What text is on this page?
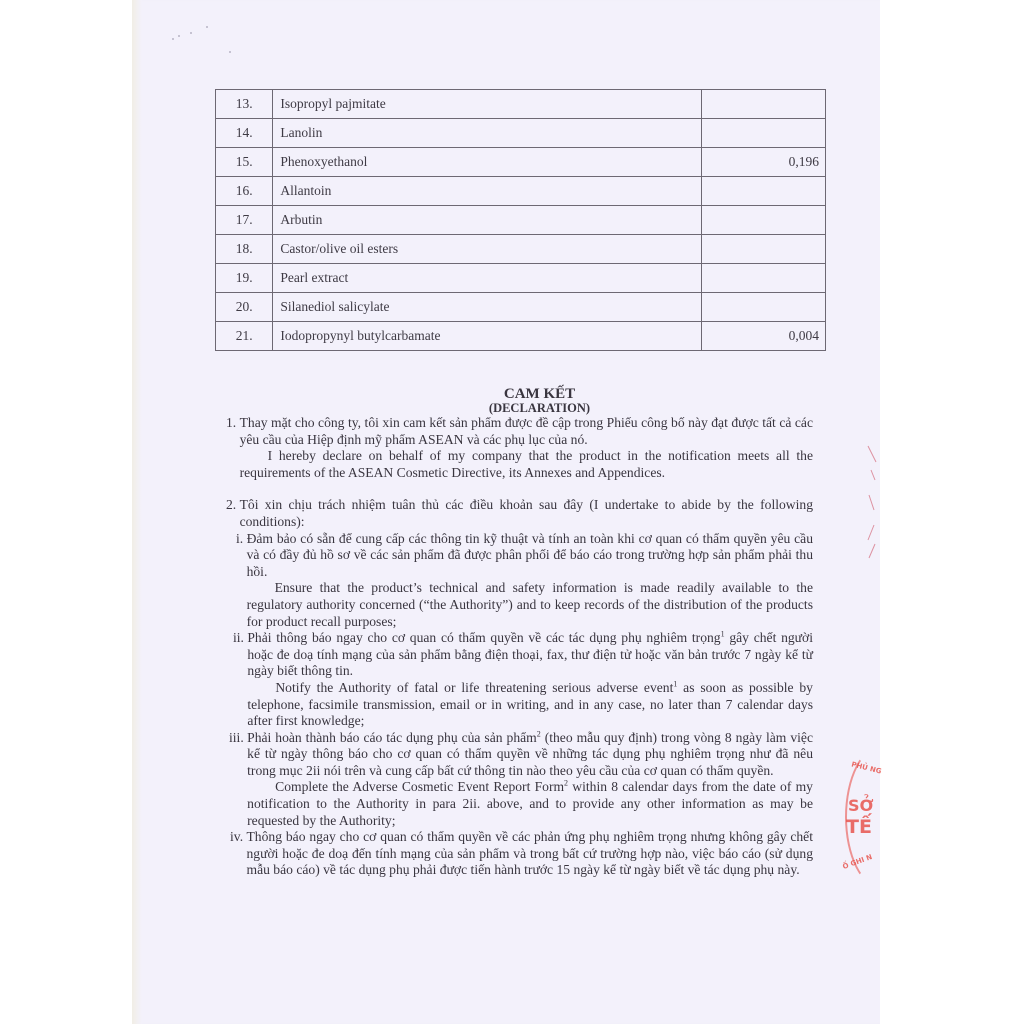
13.	Isopropyl pajmitate	
14.	Lanolin	
15.	Phenoxyethanol	0,196
16.	Allantoin	
17.	Arbutin	
18.	Castor/olive oil esters	
19.	Pearl extract	
20.	Silanediol salicylate	
21.	Iodopropynyl butylcarbamate	0,004
CAM KẾT
(DECLARATION)
1. Thay mặt cho công ty, tôi xin cam kết sản phẩm được đề cập trong Phiếu công bố này đạt được tất cả các yêu cầu của Hiệp định mỹ phẩm ASEAN và các phụ lục của nó.
I hereby declare on behalf of my company that the product in the notification meets all the requirements of the ASEAN Cosmetic Directive, its Annexes and Appendices.
2. Tôi xin chịu trách nhiệm tuân thủ các điều khoản sau đây (I undertake to abide by the following conditions):
i. Đảm bảo có sẵn để cung cấp các thông tin kỹ thuật và tính an toàn khi cơ quan có thẩm quyền yêu cầu và có đầy đủ hồ sơ về các sản phẩm đã được phân phối để báo cáo trong trường hợp sản phẩm phải thu hồi.
Ensure that the product’s technical and safety information is made readily available to the regulatory authority concerned (“the Authority”) and to keep records of the distribution of the products for product recall purposes;
ii. Phải thông báo ngay cho cơ quan có thẩm quyền về các tác dụng phụ nghiêm trọng$^1$ gây chết người hoặc đe doạ tính mạng của sản phẩm bằng điện thoại, fax, thư điện tử hoặc văn bản trước 7 ngày kể từ ngày biết thông tin.
Notify the Authority of fatal or life threatening serious adverse event$^1$ as soon as possible by telephone, facsimile transmission, email or in writing, and in any case, no later than 7 calendar days after first knowledge;
iii. Phải hoàn thành báo cáo tác dụng phụ của sản phẩm$^2$ (theo mẫu quy định) trong vòng 8 ngày làm việc kể từ ngày thông báo cho cơ quan có thẩm quyền về những tác dụng phụ nghiêm trọng như đã nêu trong mục 2ii nói trên và cung cấp bất cứ thông tin nào theo yêu cầu của cơ quan có thẩm quyền.
Complete the Adverse Cosmetic Event Report Form$^2$ within 8 calendar days from the date of my notification to the Authority in para 2ii. above, and to provide any other information as may be requested by the Authority;
iv. Thông báo ngay cho cơ quan có thẩm quyền về các phản ứng phụ nghiêm trọng nhưng không gây chết người hoặc đe doạ đến tính mạng của sản phẩm và trong bất cứ trường hợp nào, việc báo cáo (sử dụng mẫu báo cáo) về tác dụng phụ phải được tiến hành trước 15 ngày kể từ ngày biết về tác dụng phụ này.
PHỦ NG
SỞ
TẾ
Ố GHI N
